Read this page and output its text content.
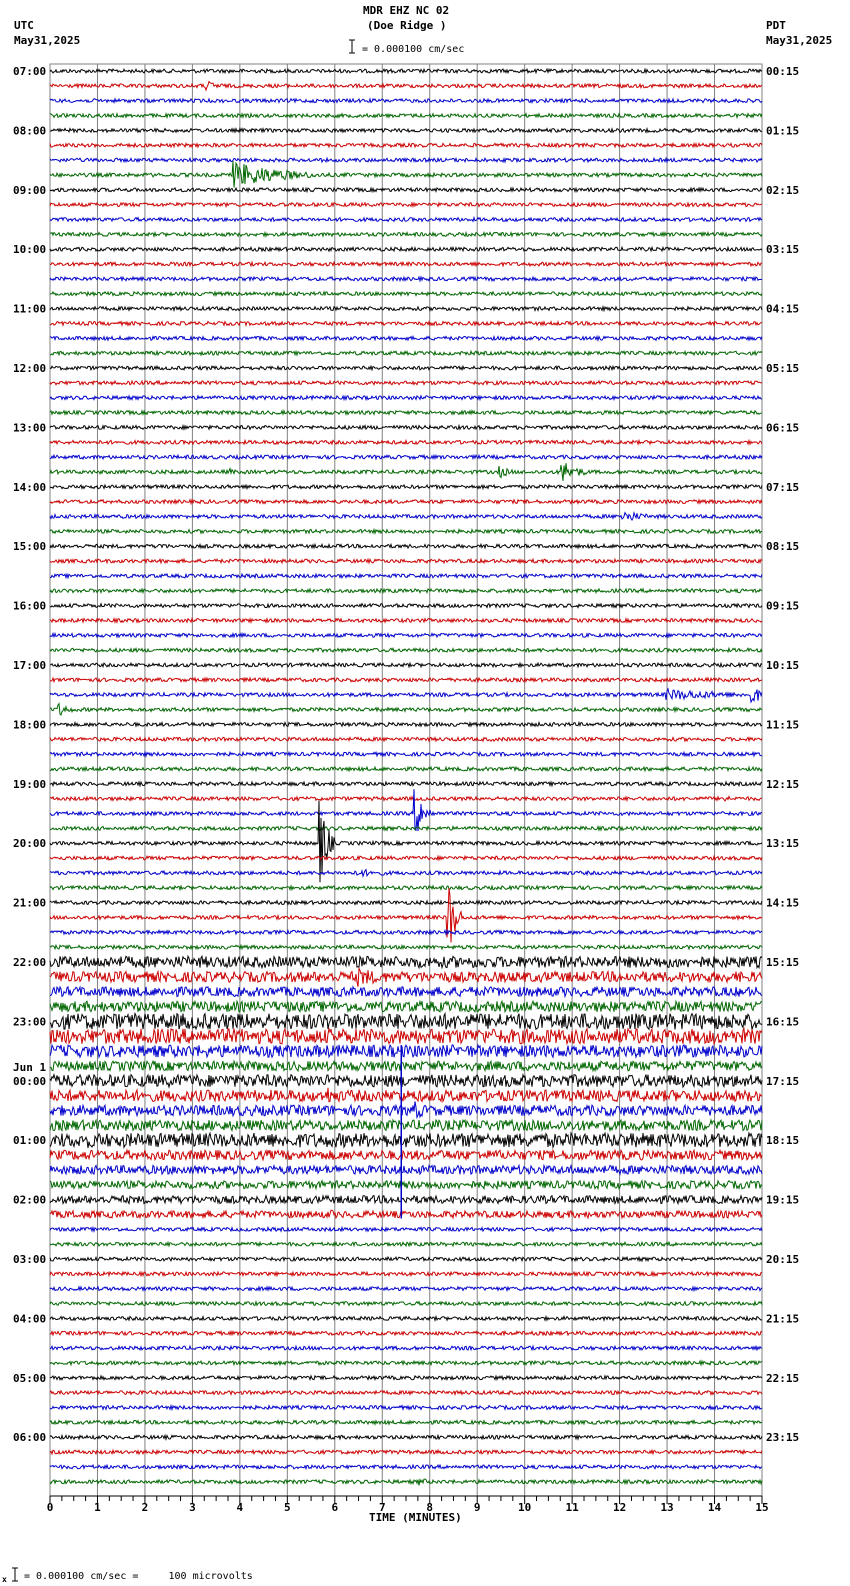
MDR EHZ NC 02
(Doe Ridge )
UTC
May31,2025
PDT
May31,2025
= 0.000100 cm/sec
TIME (MINUTES)
x = 0.000100 cm/sec =     100 microvolts
07:00
08:00
09:00
10:00
11:00
12:00
13:00
14:00
15:00
16:00
17:00
18:00
19:00
20:00
21:00
22:00
23:00
00:00
01:00
02:00
03:00
04:00
05:00
06:00
00:15
01:15
02:15
03:15
04:15
05:15
06:15
07:15
08:15
09:15
10:15
11:15
12:15
13:15
14:15
15:15
16:15
17:15
18:15
19:15
20:15
21:15
22:15
23:15
Jun 1
0	1	2	3	4	5	6	7	8	9	10	11	12	13	14	15
